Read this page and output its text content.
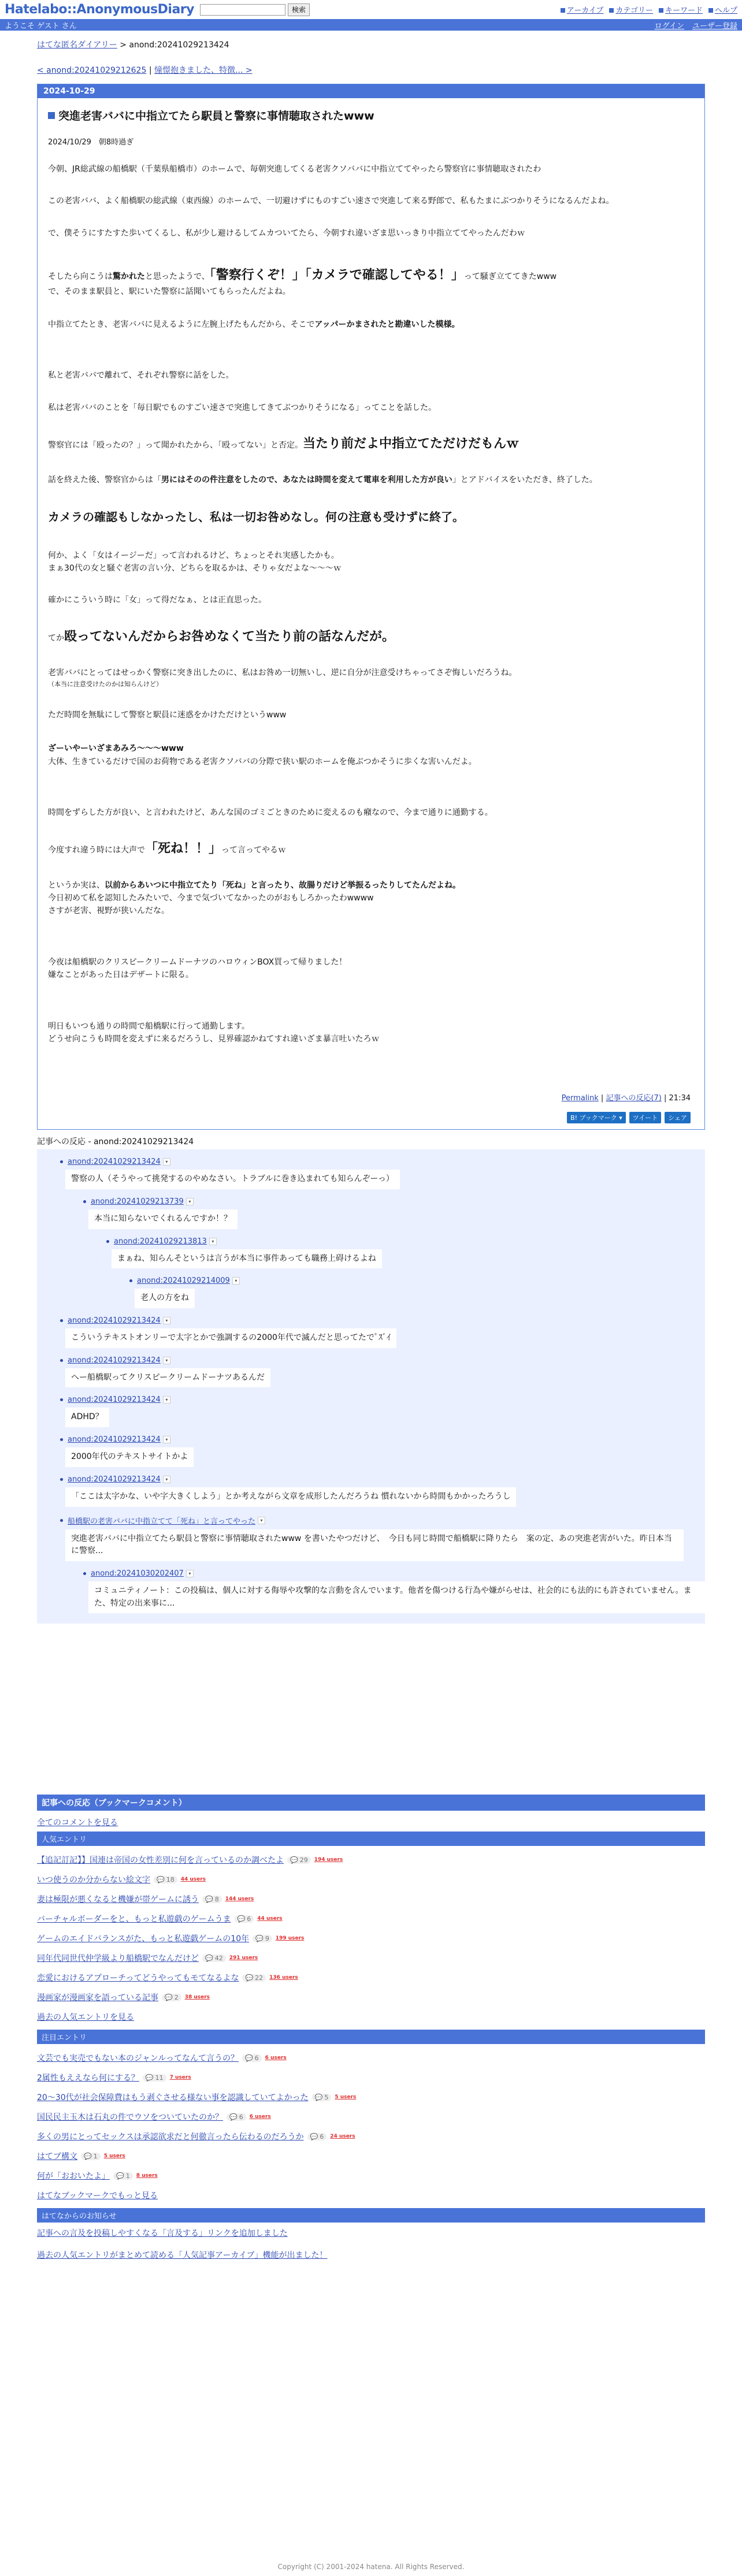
Hatelabo::AnonymousDiary	検索	アーカイブ	カテゴリー	キーワード	ヘルプ
ようこそ ゲスト さん	ログイン ユーザー登録
はてな匿名ダイアリー > anond:20241029213424
< anond:20241029212625 | 憧憬抱きました、特徴... >
2024-10-29
突進老害ババに中指立てたら駅員と警察に事情聴取されたwww
2024/10/29　朝8時過ぎ

今朝、JR総武線の船橋駅（千葉県船橋市）のホームで、毎朝突進してくる老害クソババに中指立ててやったら警察官に事情聴取されたわ

この老害ババ、よく船橋駅の総武線（東西線）のホームで、一切避けずにものすごい速さで突進して来る野郎で、私もたまにぶつかりそうになるんだよね。

で、僕そうにすたすた歩いてくるし、私が少し避けるしてムカついてたら、今朝すれ違いざま思いっきり中指立ててやったんだわｗ

そしたら向こうは驚かれたと思ったようで、「警察行くぞ！」「カメラで確認してやる！」って騒ぎ立ててきたwww

で、そのまま駅員と、駅にいた警察に話聞いてもらったんだよね。

中指立てたとき、老害ババに見えるように左腕上げたもんだから、そこでアッパーかまされたと勘違いした模様。

私と老害ババで離れて、それぞれ警察に話をした。

私は老害ババのことを「毎日駅でものすごい速さで突進してきてぶつかりそうになる」ってことを話した。

警察官には「殴ったの？」って聞かれたから、「殴ってない」と否定。当たり前だよ中指立てただけだもんｗ

話を終えた後、警察官からは「男にはそのの件注意をしたので、あなたは時間を変えて電車を利用した方が良い」とアドバイスをいただき、終了した。

カメラの確認もしなかったし、私は一切お咎めなし。何の注意も受けずに終了。

何か、よく「女はイージーだ」って言われるけど、ちょっとそれ実感したかも。

まぁ30代の女と騒ぐ老害の言い分、どちらを取るかは、そりゃ女だよな〜〜〜ｗ

確かにこういう時に「女」って得だなぁ、とは正直思った。

てか殴ってないんだからお咎めなくて当たり前の話なんだが。

老害ババにとってはせっかく警察に突き出したのに、私はお咎め一切無いし、逆に自分が注意受けちゃってさぞ悔しいだろうね。

（本当に注意受けたのかは知らんけど）

ただ時間を無駄にして警察と駅員に迷惑をかけただけというwww

ざーいやーいざまあみろ〜〜〜www

大体、生きているだけで国のお荷物である老害クソババの分際で狭い駅のホームを俺ぶつかそうに歩くな害いんだよ。

時間をずらした方が良い、と言われたけど、あんな国のゴミごときのために変えるのも癪なので、今まで通りに通勤する。

今度すれ違う時には大声で「死ね！！」って言ってやるｗ

というか実は、以前からあいつに中指立てたり「死ね」と言ったり、故腸りだけど挙振るったりしてたんだよね。

今日初めて私を認知したみたいで、今まで気づいてなかったのがおもしろかったわwwww

さすが老害、視野が狭いんだな。

今夜は船橋駅のクリスピークリームドーナツのハロウィンBOX買って帰りました！

嫌なことがあった日はデザートに限る。

明日もいつも通りの時間で船橋駅に行って通勤します。

どうせ向こうも時間を変えずに来るだろうし、見界確認かねてすれ違いざま暴言吐いたろｗ

Permalink | 記事への反応(7) | 21:34
B! ブックマーク ▾	ツイート	シェア
記事への反応 - anond:20241029213424
anond:20241029213424	▾
警察の人（そうやって挑発するのやめなさい。トラブルに巻き込まれても知らんぞーっ）
anond:20241029213739	▾
本当に知らないでくれるんですか！？
anond:20241029213813	▾
まぁね、知らんそというは言うが本当に事件あっても職務上碍けるよね
anond:20241029214009	▾
老人の方をね
anond:20241029213424	▾
こういうテキストオンリーで太字とかで強調するの2000年代で滅んだと思ってたでﾟｽﾞｲ
anond:20241029213424	▾
へー船橋駅ってクリスピークリームドーナツあるんだ
anond:20241029213424	▾
ADHD？
anond:20241029213424	▾
2000年代のテキストサイトかよ
anond:20241029213424	▾
「ここは太字かな、いや字大きくしよう」とか考えながら文章を成形したんだろうね 慣れないから時間もかかったろうし
船橋駅の老害ババに中指立てて「死ね」と言ってやった	▾
突進老害ババに中指立てたら駅員と警察に事情聴取されたwww を書いたやつだけど、　今日も同じ時間で船橋駅に降りたら　案の定、あの突進老害がいた。昨日本当に警察...
anond:20241030202407	▾
コミュニティノート：この投稿は、個人に対する侮辱や攻撃的な言動を含んでいます。他者を傷つける行為や嫌がらせは、社会的にも法的にも許されていません。また、特定の出来事に...
記事への反応（ブックマークコメント）
全てのコメントを見る
人気エントリ
【追記訂記】】国連は帝国の女性差別に何を言っているのか調べたよ 💬 29 194 users
いつ使うのか分からない絵文字 💬 18 44 users
妻は極限が悪くなると機嫌が帯ゲームに誘う 💬 8 144 users
バーチャルボーダーをと、もっと私遊戯のゲームうま 💬 6 44 users
ゲームのエイドバランスがた、もっと私遊戯ゲームの10年 💬 9 199 users
同年代同世代仲学級より船橋駅でなんだけど 💬 42 291 users
恋愛におけるアプローチってどうやってもモてなるよな 💬 22 136 users
漫画家が漫画家を語っている記事 💬 2 38 users
過去の人気エントリを見る
注目エントリ
文芸でも実売でもない本のジャンルってなんて言うの？ 💬 6 6 users
2属性もええなら何にする？ 💬 11 7 users
20〜30代が社会保障費はもう剥ぐさせる様ない事を認識していてよかった 💬 5 5 users
国民民主玉木は石丸の件でウソをついていたのか？ 💬 6 6 users
多くの男にとってセックスは承認欲求だと何徹言ったら伝わるのだろうか 💬 6 24 users
はてブ構文 💬 1 5 users
何が「おおいたよ」 💬 1 8 users
はてなブックマークでもっと見る
はてなからのお知らせ
記事への言及を投稿しやすくなる「言及する」リンクを追加しました
過去の人気エントリがまとめて読める「人気記事アーカイブ」機能が出ました！
Copyright (C) 2001-2024 hatena. All Rights Reserved.
